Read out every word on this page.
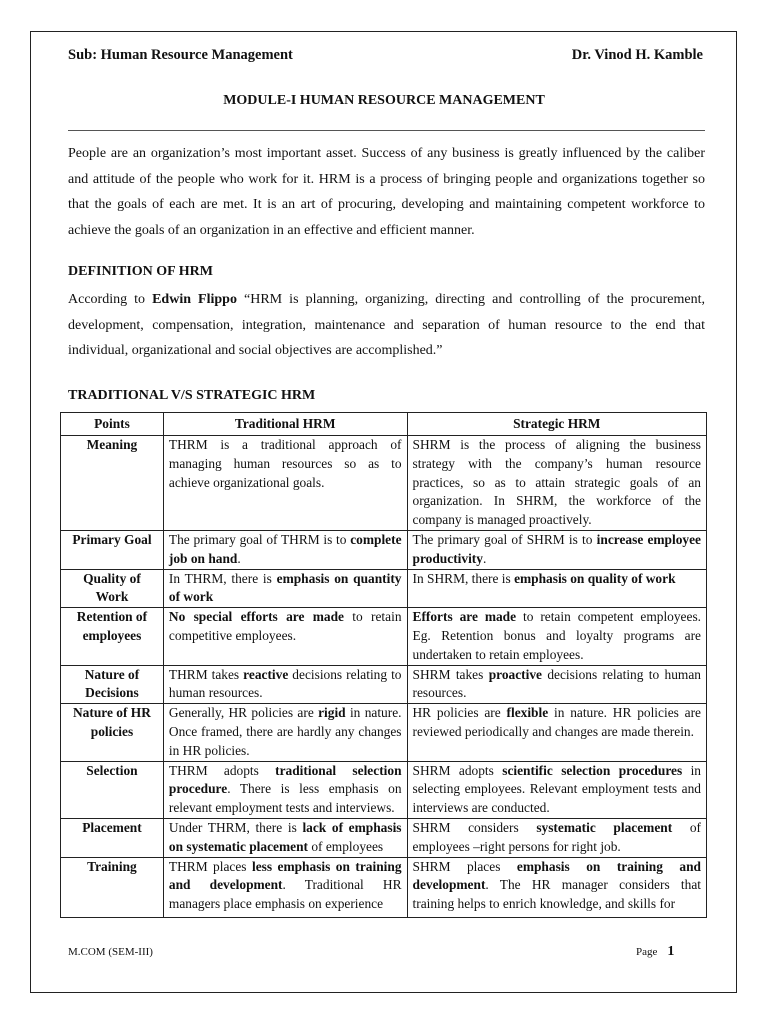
Sub: Human Resource Management	Dr. Vinod H. Kamble
MODULE-I HUMAN RESOURCE MANAGEMENT
People are an organization’s most important asset. Success of any business is greatly influenced by the caliber and attitude of the people who work for it. HRM is a process of bringing people and organizations together so that the goals of each are met. It is an art of procuring, developing and maintaining competent workforce to achieve the goals of an organization in an effective and efficient manner.
DEFINITION OF HRM
According to Edwin Flippo “HRM is planning, organizing, directing and controlling of the procurement, development, compensation, integration, maintenance and separation of human resource to the end that individual, organizational and social objectives are accomplished.”
TRADITIONAL V/S STRATEGIC HRM
Points	Traditional HRM	Strategic HRM
Meaning	THRM is a traditional approach of managing human resources so as to achieve organizational goals.	SHRM is the process of aligning the business strategy with the company’s human resource practices, so as to attain strategic goals of an organization. In SHRM, the workforce of the company is managed proactively.
Primary Goal	The primary goal of THRM is to complete job on hand.	The primary goal of SHRM is to increase employee productivity.
Quality of Work	In THRM, there is emphasis on quantity of work	In SHRM, there is emphasis on quality of work
Retention of employees	No special efforts are made to retain competitive employees.	Efforts are made to retain competent employees. Eg. Retention bonus and loyalty programs are undertaken to retain employees.
Nature of Decisions	THRM takes reactive decisions relating to human resources.	SHRM takes proactive decisions relating to human resources.
Nature of HR policies	Generally, HR policies are rigid in nature. Once framed, there are hardly any changes in HR policies.	HR policies are flexible in nature. HR policies are reviewed periodically and changes are made therein.
Selection	THRM adopts traditional selection procedure. There is less emphasis on relevant employment tests and interviews.	SHRM adopts scientific selection procedures in selecting employees. Relevant employment tests and interviews are conducted.
Placement	Under THRM, there is lack of emphasis on systematic placement of employees	SHRM considers systematic placement of employees –right persons for right job.
Training	THRM places less emphasis on training and development. Traditional HR managers place emphasis on experience	SHRM places emphasis on training and development. The HR manager considers that training helps to enrich knowledge, and skills for
M.COM (SEM-III)	Page 1
